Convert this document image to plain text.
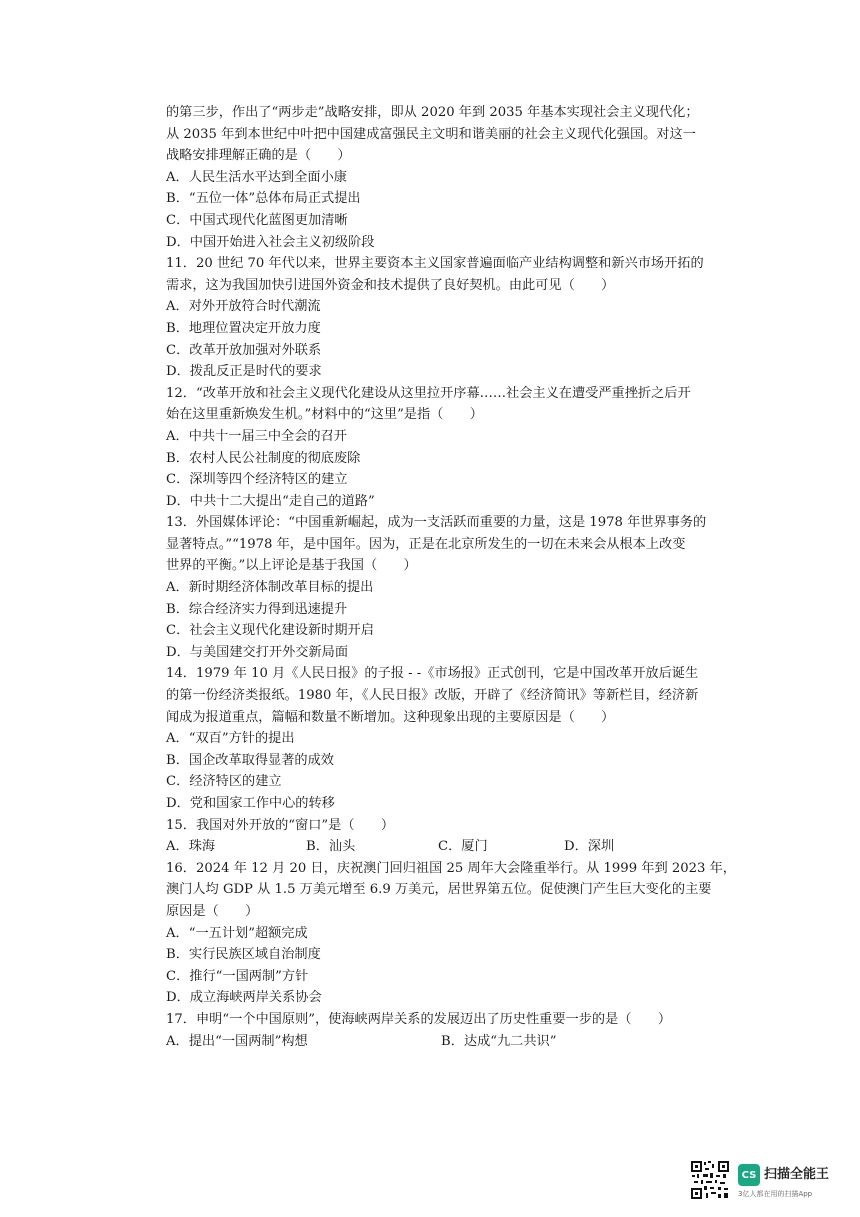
的第三步，作出了“两步走”战略安排，即从 2020 年到 2035 年基本实现社会主义现代化；
从 2035 年到本世纪中叶把中国建成富强民主文明和谐美丽的社会主义现代化强国。对这一
战略安排理解正确的是（　　）
A．人民生活水平达到全面小康
B．“五位一体”总体布局正式提出
C．中国式现代化蓝图更加清晰
D．中国开始进入社会主义初级阶段
11．20 世纪 70 年代以来，世界主要资本主义国家普遍面临产业结构调整和新兴市场开拓的
需求，这为我国加快引进国外资金和技术提供了良好契机。由此可见（　　）
A．对外开放符合时代潮流
B．地理位置决定开放力度
C．改革开放加强对外联系
D．拨乱反正是时代的要求
12．“改革开放和社会主义现代化建设从这里拉开序幕……社会主义在遭受严重挫折之后开
始在这里重新焕发生机。”材料中的“这里”是指（　　）
A．中共十一届三中全会的召开
B．农村人民公社制度的彻底废除
C．深圳等四个经济特区的建立
D．中共十二大提出“走自己的道路”
13．外国媒体评论：“中国重新崛起，成为一支活跃而重要的力量，这是 1978 年世界事务的
显著特点。”“1978 年，是中国年。因为，正是在北京所发生的一切在未来会从根本上改变
世界的平衡。”以上评论是基于我国（　　）
A．新时期经济体制改革目标的提出
B．综合经济实力得到迅速提升
C．社会主义现代化建设新时期开启
D．与美国建交打开外交新局面
14．1979 年 10 月《人民日报》的子报 - -《市场报》正式创刊，它是中国改革开放后诞生
的第一份经济类报纸。1980 年，《人民日报》改版，开辟了《经济简讯》等新栏目，经济新
闻成为报道重点，篇幅和数量不断增加。这种现象出现的主要原因是（　　）
A．“双百”方针的提出
B．国企改革取得显著的成效
C．经济特区的建立
D．党和国家工作中心的转移
15．我国对外开放的“窗口”是（　　）
A．珠海	B．汕头	C．厦门	D．深圳
16．2024 年 12 月 20 日，庆祝澳门回归祖国 25 周年大会隆重举行。从 1999 年到 2023 年，
澳门人均 GDP 从 1.5 万美元增至 6.9 万美元，居世界第五位。促使澳门产生巨大变化的主要
原因是（　　）
A．“一五计划”超额完成
B．实行民族区域自治制度
C．推行“一国两制”方针
D．成立海峡两岸关系协会
17．申明“一个中国原则”，使海峡两岸关系的发展迈出了历史性重要一步的是（　　）
A．提出“一国两制”构想	B．达成“九二共识”
CS 扫描全能王
3亿人都在用的扫描App
